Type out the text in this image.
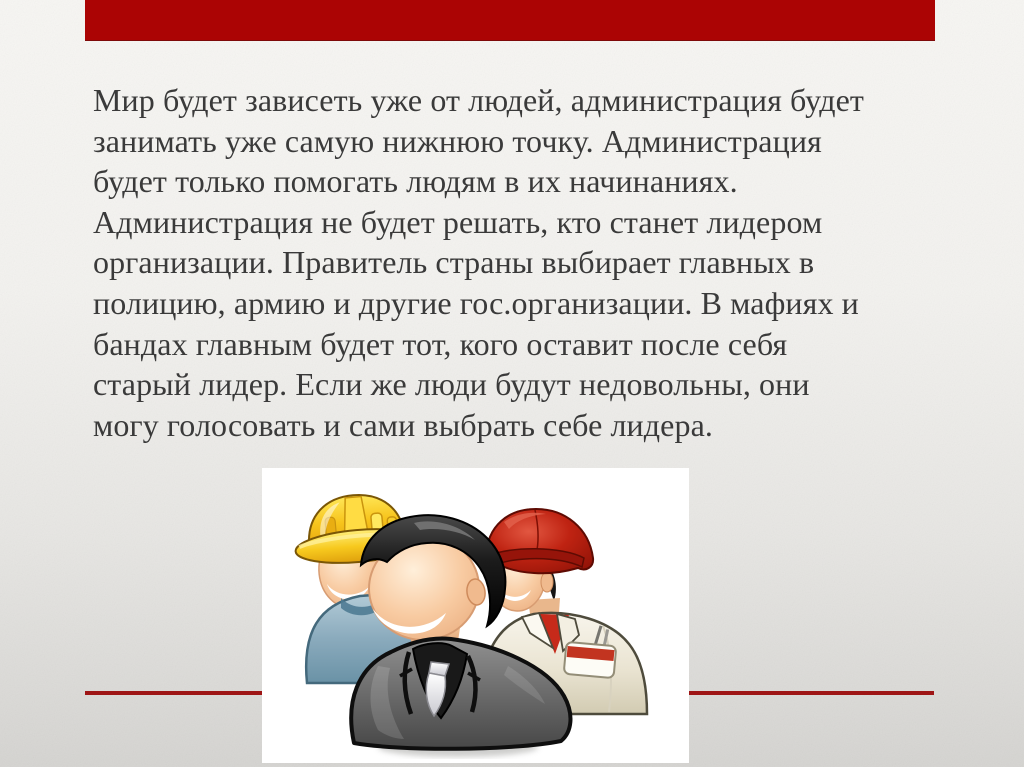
Мир будет зависеть уже от людей, администрация будет
занимать уже самую нижнюю точку. Администрация
будет только помогать людям в их начинаниях.
Администрация не будет решать, кто станет лидером
организации. Правитель страны выбирает главных в
полицию, армию и другие гос.организации. В мафиях и
бандах главным будет тот, кого оставит после себя
старый лидер. Если же люди будут недовольны, они
могу голосовать и сами выбрать себе лидера.
